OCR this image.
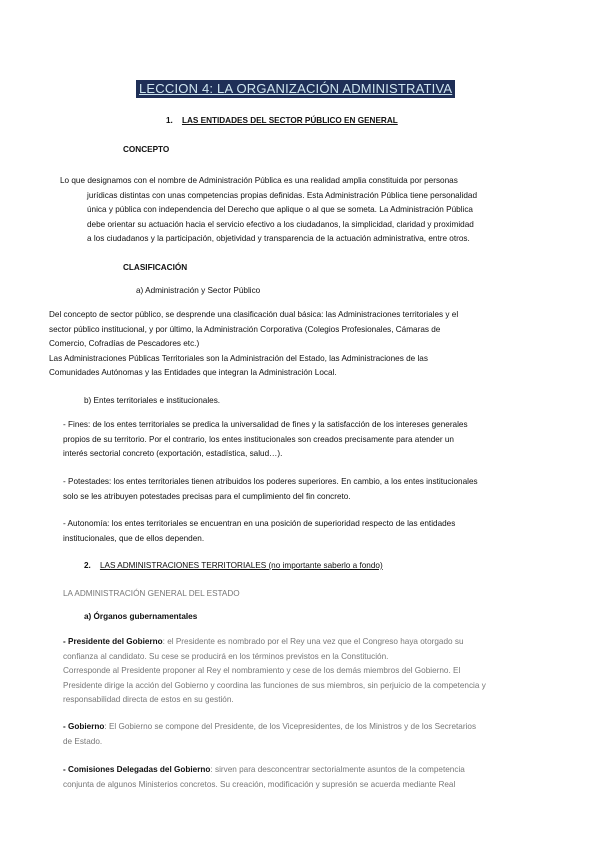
LECCION 4: LA ORGANIZACIÓN ADMINISTRATIVA
1. LAS ENTIDADES DEL SECTOR PÚBLICO EN GENERAL
CONCEPTO
Lo que designamos con el nombre de Administración Pública es una realidad amplia constituida por personas
jurídicas distintas con unas competencias propias definidas. Esta Administración Pública tiene personalidad
única y pública con independencia del Derecho que aplique o al que se someta. La Administración Pública
debe orientar su actuación hacia el servicio efectivo a los ciudadanos, la simplicidad, claridad y proximidad
a los ciudadanos y la participación, objetividad y transparencia de la actuación administrativa, entre otros.
CLASIFICACIÓN
a) Administración y Sector Público
Del concepto de sector público, se desprende una clasificación dual básica: las Administraciones territoriales y el
sector público institucional, y por último, la Administración Corporativa (Colegios Profesionales, Cámaras de
Comercio, Cofradías de Pescadores etc.)
Las Administraciones Públicas Territoriales son la Administración del Estado, las Administraciones de las
Comunidades Autónomas y las Entidades que integran la Administración Local.
b) Entes territoriales e institucionales.
- Fines: de los entes territoriales se predica la universalidad de fines y la satisfacción de los intereses generales
propios de su territorio. Por el contrario, los entes institucionales son creados precisamente para atender un
interés sectorial concreto (exportación, estadística, salud…).
- Potestades: los entes territoriales tienen atribuidos los poderes superiores. En cambio, a los entes institucionales
solo se les atribuyen potestades precisas para el cumplimiento del fin concreto.
- Autonomía: los entes territoriales se encuentran en una posición de superioridad respecto de las entidades
institucionales, que de ellos dependen.
2. LAS ADMINISTRACIONES TERRITORIALES (no importante saberlo a fondo)
LA ADMINISTRACIÓN GENERAL DEL ESTADO
a) Órganos gubernamentales
- Presidente del Gobierno: el Presidente es nombrado por el Rey una vez que el Congreso haya otorgado su
confianza al candidato. Su cese se producirá en los términos previstos en la Constitución.
Corresponde al Presidente proponer al Rey el nombramiento y cese de los demás miembros del Gobierno. El
Presidente dirige la acción del Gobierno y coordina las funciones de sus miembros, sin perjuicio de la competencia y
responsabilidad directa de estos en su gestión.
- Gobierno: El Gobierno se compone del Presidente, de los Vicepresidentes, de los Ministros y de los Secretarios
de Estado.
- Comisiones Delegadas del Gobierno: sirven para desconcentrar sectorialmente asuntos de la competencia
conjunta de algunos Ministerios concretos. Su creación, modificación y supresión se acuerda mediante Real
